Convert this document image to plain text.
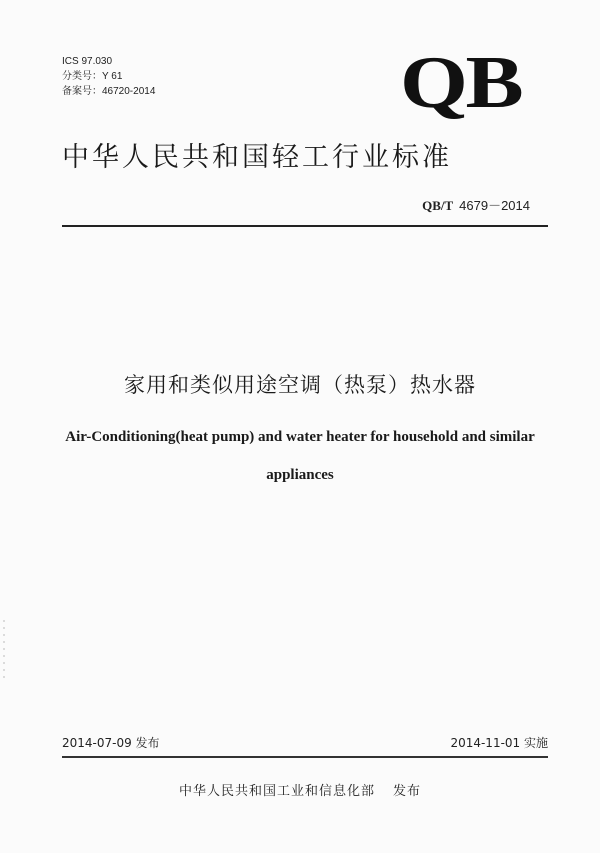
ICS 97.030
分类号：Y 61
备案号：46720-2014	QB
中华人民共和国轻工行业标准
QB/T 4679－2014
家用和类似用途空调（热泵）热水器
Air-Conditioning(heat pump) and water heater for household and similar
appliances
2014-07-09 发布	2014-11-01 实施
中华人民共和国工业和信息化部 发布
